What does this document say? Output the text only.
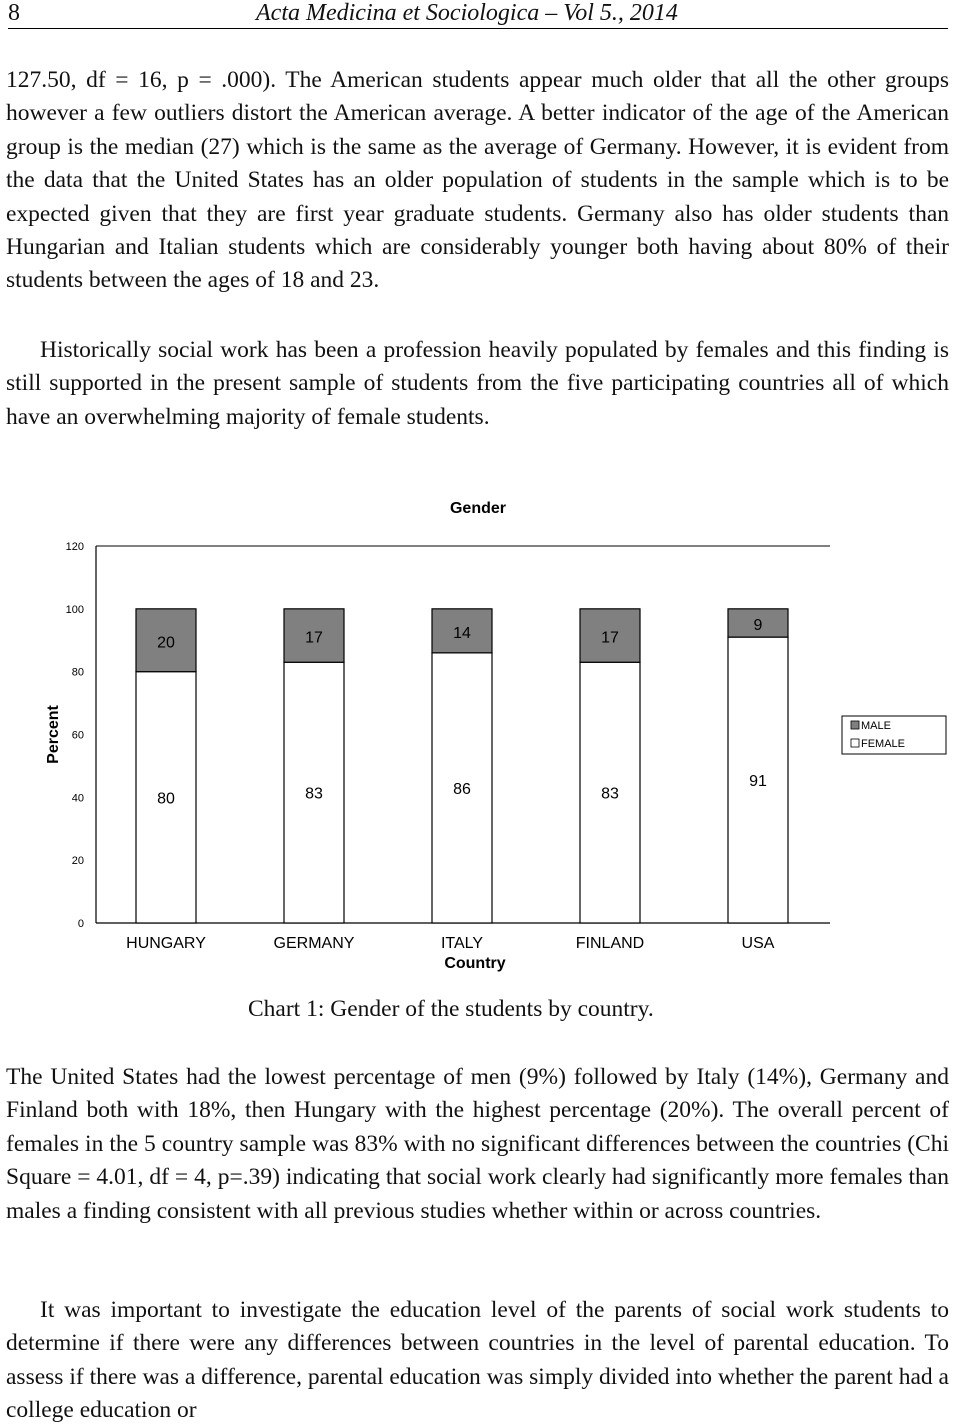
8	Acta Medicina et Sociologica – Vol 5., 2014

127.50, df = 16, p = .000). The American students appear much older that all the other groups however a few outliers distort the American average. A better indicator of the age of the American group is the median (27) which is the same as the average of Germany. However, it is evident from the data that the United States has an older population of students in the sample which is to be expected given that they are first year graduate students. Germany also has older students than Hungarian and Italian students which are considerably younger both having about 80% of their students between the ages of 18 and 23.

Historically social work has been a profession heavily populated by females and this finding is still supported in the present sample of students from the five participating countries all of which have an overwhelming majority of female students.

Gender
0
20
40
60
80
100
120
Percent
20
80
HUNGARY
17
83
GERMANY
14
86
ITALY
17
83
FINLAND
9
91
USA
Country
MALE
FEMALE
Chart 1: Gender of the students by country.

The United States had the lowest percentage of men (9%) followed by Italy (14%), Germany and Finland both with 18%, then Hungary with the highest percentage (20%). The overall percent of females in the 5 country sample was 83% with no significant differences between the countries (Chi Square = 4.01, df = 4, p=.39) indicating that social work clearly had significantly more females than males a finding consistent with all previous studies whether within or across countries.

It was important to investigate the education level of the parents of social work students to determine if there were any differences between countries in the level of parental education. To assess if there was a difference, parental education was simply divided into whether the parent had a college education or
